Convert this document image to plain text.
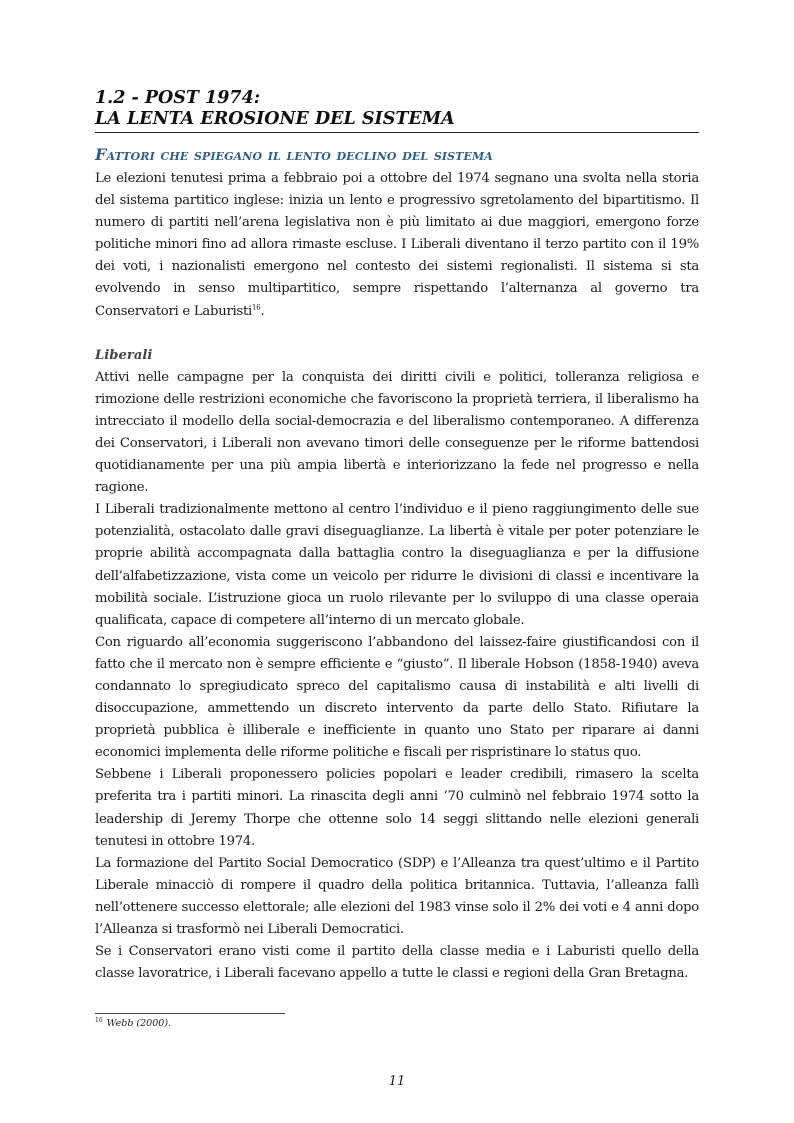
1.2 - POST 1974:
LA LENTA EROSIONE DEL SISTEMA
Fattori che spiegano il lento declino del sistema

Le elezioni tenutesi prima a febbraio poi a ottobre del 1974 segnano una svolta nella storia del sistema partitico inglese: inizia un lento e progressivo sgretolamento del bipartitismo. Il numero di partiti nell’arena legislativa non è più limitato ai due maggiori, emergono forze politiche minori fino ad allora rimaste escluse. I Liberali diventano il terzo partito con il 19% dei voti, i nazionalisti emergono nel contesto dei sistemi regionalisti. Il sistema si sta evolvendo in senso multipartitico, sempre rispettando l’alternanza al governo tra Conservatori e Laburisti$^{16}$.

Liberali

Attivi nelle campagne per la conquista dei diritti civili e politici, tolleranza religiosa e rimozione delle restrizioni economiche che favoriscono la proprietà terriera, il liberalismo ha intrecciato il modello della social-democrazia e del liberalismo contemporaneo. A differenza dei Conservatori, i Liberali non avevano timori delle conseguenze per le riforme battendosi quotidianamente per una più ampia libertà e interiorizzano la fede nel progresso e nella ragione.

I Liberali tradizionalmente mettono al centro l’individuo e il pieno raggiungimento delle sue potenzialità, ostacolato dalle gravi diseguaglianze. La libertà è vitale per poter potenziare le proprie abilità accompagnata dalla battaglia contro la diseguaglianza e per la diffusione dell’alfabetizzazione, vista come un veicolo per ridurre le divisioni di classi e incentivare la mobilità sociale. L’istruzione gioca un ruolo rilevante per lo sviluppo di una classe operaia qualificata, capace di competere all’interno di un mercato globale.

Con riguardo all’economia suggeriscono l’abbandono del laissez-faire giustificandosi con il fatto che il mercato non è sempre efficiente e “giusto”. Il liberale Hobson (1858-1940) aveva condannato lo spregiudicato spreco del capitalismo causa di instabilità e alti livelli di disoccupazione, ammettendo un discreto intervento da parte dello Stato. Rifiutare la proprietà pubblica è illiberale e inefficiente in quanto uno Stato per riparare ai danni economici implementa delle riforme politiche e fiscali per rispristinare lo status quo.

Sebbene i Liberali proponessero policies popolari e leader credibili, rimasero la scelta preferita tra i partiti minori. La rinascita degli anni ’70 culminò nel febbraio 1974 sotto la leadership di Jeremy Thorpe che ottenne solo 14 seggi slittando nelle elezioni generali tenutesi in ottobre 1974.

La formazione del Partito Social Democratico (SDP) e l’Alleanza tra quest’ultimo e il Partito Liberale minacciò di rompere il quadro della politica britannica. Tuttavia, l’alleanza fallì nell’ottenere successo elettorale; alle elezioni del 1983 vinse solo il 2% dei voti e 4 anni dopo l’Alleanza si trasformò nei Liberali Democratici.

Se i Conservatori erano visti come il partito della classe media e i Laburisti quello della classe lavoratrice, i Liberali facevano appello a tutte le classi e regioni della Gran Bretagna.

$^{16}$ Webb (2000).
11
